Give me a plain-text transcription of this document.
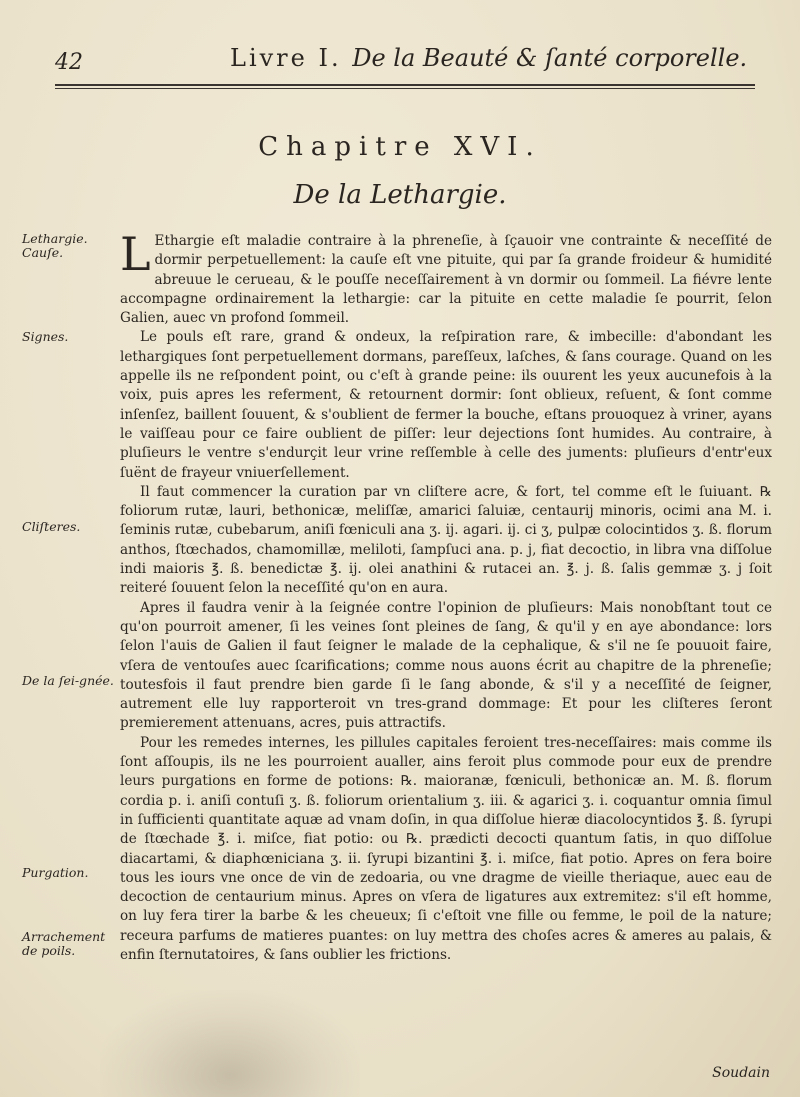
42	Livre I. De la Beauté & ſanté corporelle.
Chapitre XVI.
De la Lethargie.
Lethargie. Cauſe.
Signes.
Cliſteres.
De la ſei-gnée.
Purgation.
Arrachement de poils.

L Ethargie eſt maladie contraire à la phreneſie, à ſçauoir vne contrainte & neceſſité de dormir perpetuellement: la cauſe eſt vne pituite, qui par ſa grande froideur & humidité abreuue le cerueau, & le pouſſe neceſſairement à vn dormir ou ſommeil. La fiévre lente accompagne ordinairement la lethargie: car la pituite en cette maladie ſe pourrit, ſelon Galien, auec vn profond ſommeil.

Le pouls eſt rare, grand & ondeux, la reſpiration rare, & imbecille: d'abondant les lethargiques ſont perpetuellement dormans, pareſſeux, laſches, & ſans courage. Quand on les appelle ils ne reſpondent point, ou c'eſt à grande peine: ils ouurent les yeux aucunefois à la voix, puis apres les referment, & retournent dormir: ſont oblieux, reſuent, & ſont comme inſenſez, baillent ſouuent, & s'oublient de fermer la bouche, eſtans prouoquez à vriner, ayans le vaiſſeau pour ce faire oublient de piſſer: leur dejections ſont humides. Au contraire, à pluſieurs le ventre s'endurçit leur vrine reſſemble à celle des juments: pluſieurs d'entr'eux ſuënt de frayeur vniuerſellement.

Il faut commencer la curation par vn cliſtere acre, & fort, tel comme eſt le ſuiuant. ℞ foliorum rutæ, lauri, bethonicæ, meliſſæ, amarici ſaluiæ, centaurij minoris, ocimi ana M. i. ſeminis rutæ, cubebarum, aniſi fœniculi ana ʒ. ij. agari. ij. ci ʒ, pulpæ colocintidos ʒ. ß. florum anthos, ſtœchados, chamomillæ, meliloti, ſampſuci ana. p. j, fiat decoctio, in libra vna diſſolue indi maioris ℥. ß. benedictæ ℥. ij. olei anathini & rutacei an. ℥. j. ß. ſalis gemmæ ʒ. j ſoit reiteré ſouuent ſelon la neceſſité qu'on en aura.

Apres il faudra venir à la ſeignée contre l'opinion de pluſieurs: Mais nonobſtant tout ce qu'on pourroit amener, ſi les veines ſont pleines de ſang, & qu'il y en aye abondance: lors ſelon l'auis de Galien il faut ſeigner le malade de la cephalique, & s'il ne ſe pouuoit faire, vſera de ventouſes auec ſcarifications; comme nous auons écrit au chapitre de la phreneſie; toutesfois il faut prendre bien garde ſi le ſang abonde, & s'il y a neceſſité de ſeigner, autrement elle luy rapporteroit vn tres-grand dommage: Et pour les cliſteres ſeront premierement attenuans, acres, puis attractifs.

Pour les remedes internes, les pillules capitales feroient tres-neceſſaires: mais comme ils ſont aſſoupis, ils ne les pourroient aualler, ains feroit plus commode pour eux de prendre leurs purgations en forme de potions: ℞. maioranæ, fœniculi, bethonicæ an. M. ß. florum cordia p. i. aniſi contuſi ʒ. ß. foliorum orientalium ʒ. iii. & agarici ʒ. i. coquantur omnia ſimul in ſufficienti quantitate aquæ ad vnam doſin, in qua diſſolue hieræ diacolocyntidos ℥. ß. ſyrupi de ſtœchade ℥. i. miſce, fiat potio: ou ℞. prædicti decocti quantum ſatis, in quo diſſolue diacartami, & diaphœniciana ʒ. ii. ſyrupi bizantini ℥. i. miſce, fiat potio. Apres on fera boire tous les iours vne once de vin de zedoaria, ou vne dragme de vieille theriaque, auec eau de decoction de centaurium minus. Apres on vſera de ligatures aux extremitez: s'il eſt homme, on luy fera tirer la barbe & les cheueux; ſi c'eſtoit vne fille ou femme, le poil de la nature; receura parfums de matieres puantes: on luy mettra des choſes acres & ameres au palais, & enfin ſternutatoires, & ſans oublier les frictions.

Soudain
